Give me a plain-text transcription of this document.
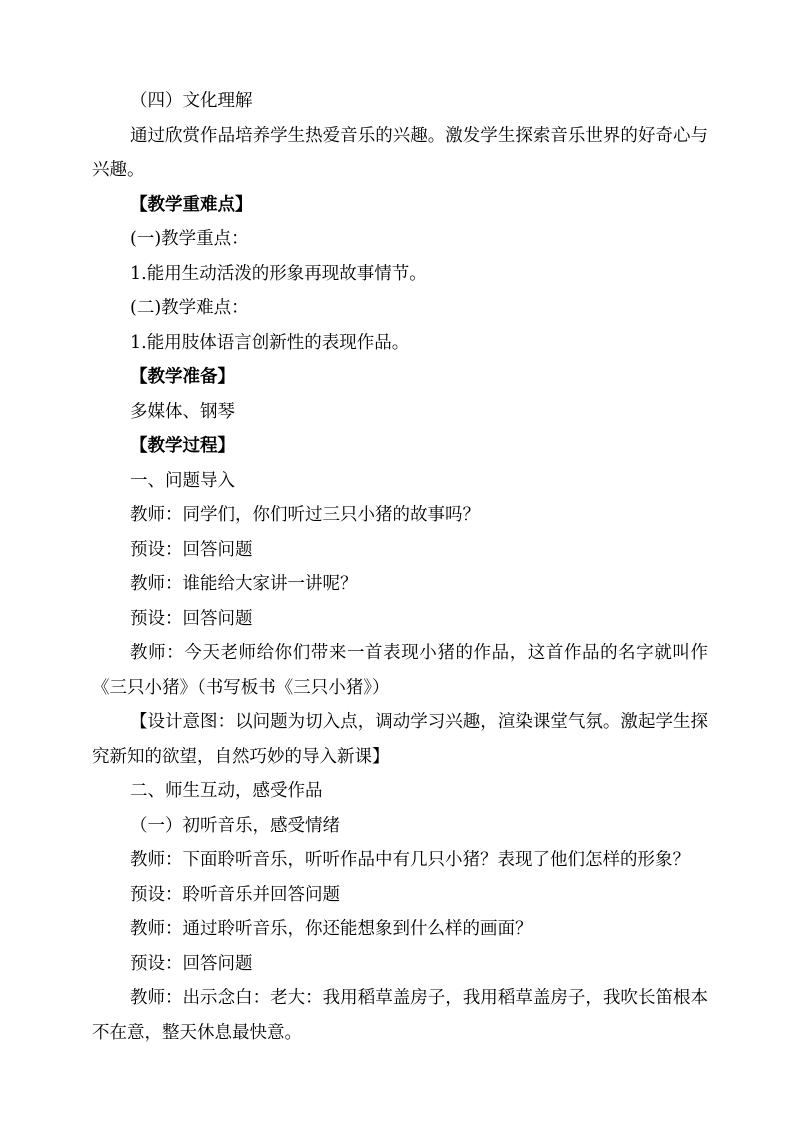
（四）文化理解

通过欣赏作品培养学生热爱音乐的兴趣。激发学生探索音乐世界的好奇心与兴趣。

【教学重难点】

(一)教学重点：

1.能用生动活泼的形象再现故事情节。

(二)教学难点：

1.能用肢体语言创新性的表现作品。

【教学准备】

多媒体、钢琴

【教学过程】

一、问题导入

教师：同学们，你们听过三只小猪的故事吗？

预设：回答问题

教师：谁能给大家讲一讲呢？

预设：回答问题

教师：今天老师给你们带来一首表现小猪的作品，这首作品的名字就叫作《三只小猪》（书写板书《三只小猪》）

【设计意图：以问题为切入点，调动学习兴趣，渲染课堂气氛。激起学生探究新知的欲望，自然巧妙的导入新课】

二、师生互动，感受作品

（一）初听音乐，感受情绪

教师：下面聆听音乐，听听作品中有几只小猪？表现了他们怎样的形象？

预设：聆听音乐并回答问题

教师：通过聆听音乐，你还能想象到什么样的画面？

预设：回答问题

教师：出示念白：老大：我用稻草盖房子，我用稻草盖房子，我吹长笛根本不在意，整天休息最快意。
